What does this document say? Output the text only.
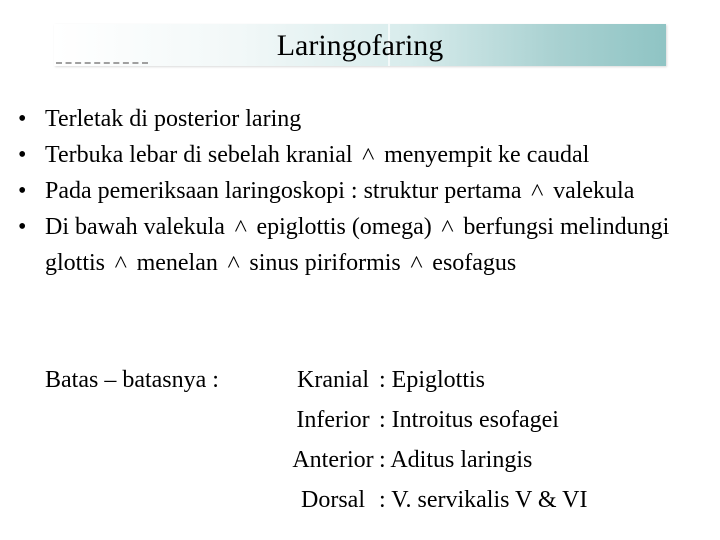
Laringofaring
• Terletak di posterior laring
• Terbuka lebar di sebelah kranial ˄ menyempit ke caudal
• Pada pemeriksaan laringoskopi : struktur pertama ˄ valekula
• Di bawah valekula ˄ epiglottis (omega) ˄ berfungsi melindungi glottis ˄ menelan ˄ sinus piriformis ˄ esofagus
Batas – batasnya :	Kranial	: Epiglottis
	Inferior	: Introitus esofagei
	Anterior	: Aditus laringis
	Dorsal	: V. servikalis V & VI
